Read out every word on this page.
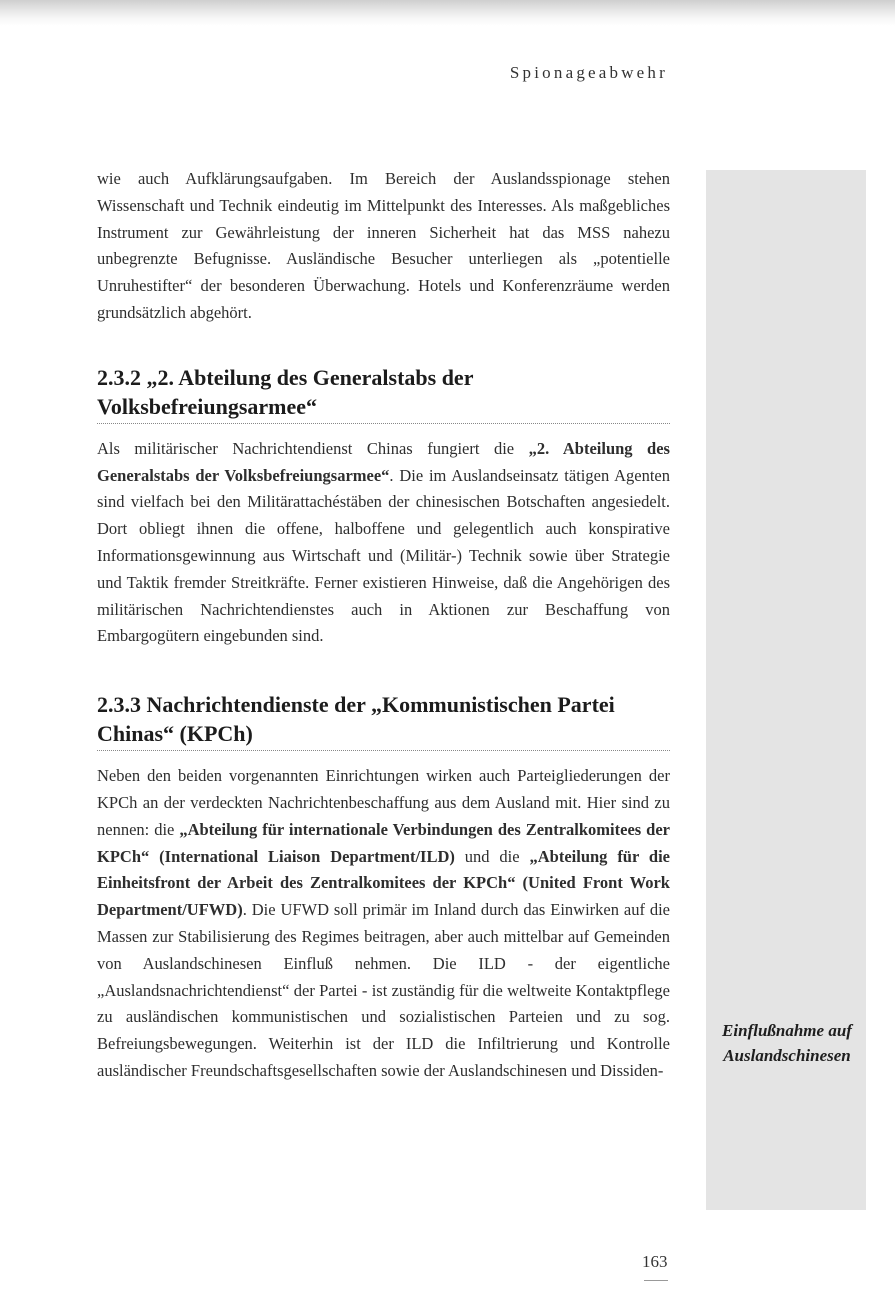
Spionageabwehr
Einflußnahme auf Auslandschinesen

wie auch Aufklärungsaufgaben. Im Bereich der Auslandsspionage stehen Wissenschaft und Technik eindeutig im Mittelpunkt des Interesses. Als maßgebliches Instrument zur Gewährleistung der inneren Sicherheit hat das MSS nahezu unbegrenzte Befugnisse. Ausländische Besucher unterliegen als „potentielle Unruhestifter“ der besonderen Überwachung. Hotels und Konferenzräume werden grundsätzlich abgehört.

2.3.2 „2. Abteilung des Generalstabs der Volksbefreiungsarmee“

Als militärischer Nachrichtendienst Chinas fungiert die „2. Abteilung des Generalstabs der Volksbefreiungsarmee“. Die im Auslandseinsatz tätigen Agenten sind vielfach bei den Militärattachéstäben der chinesischen Botschaften angesiedelt. Dort obliegt ihnen die offene, halboffene und gelegentlich auch konspirative Informationsgewinnung aus Wirtschaft und (Militär-) Technik sowie über Strategie und Taktik fremder Streitkräfte. Ferner existieren Hinweise, daß die Angehörigen des militärischen Nachrichtendienstes auch in Aktionen zur Beschaffung von Embargogütern eingebunden sind.

2.3.3 Nachrichtendienste der „Kommunistischen Partei Chinas“ (KPCh)

Neben den beiden vorgenannten Einrichtungen wirken auch Parteigliederungen der KPCh an der verdeckten Nachrichtenbeschaffung aus dem Ausland mit. Hier sind zu nennen: die „Abteilung für internationale Verbindungen des Zentralkomitees der KPCh“ (International Liaison Department/ILD) und die „Abteilung für die Einheitsfront der Arbeit des Zentralkomitees der KPCh“ (United Front Work Department/UFWD). Die UFWD soll primär im Inland durch das Einwirken auf die Massen zur Stabilisierung des Regimes beitragen, aber auch mittelbar auf Gemeinden von Auslandschinesen Einfluß nehmen. Die ILD - der eigentliche „Auslandsnachrichtendienst“ der Partei - ist zuständig für die weltweite Kontaktpflege zu ausländischen kommunistischen und sozialistischen Parteien und zu sog. Befreiungsbewegungen. Weiterhin ist der ILD die Infiltrierung und Kontrolle ausländischer Freundschaftsgesellschaften sowie der Auslandschinesen und Dissiden-

163
